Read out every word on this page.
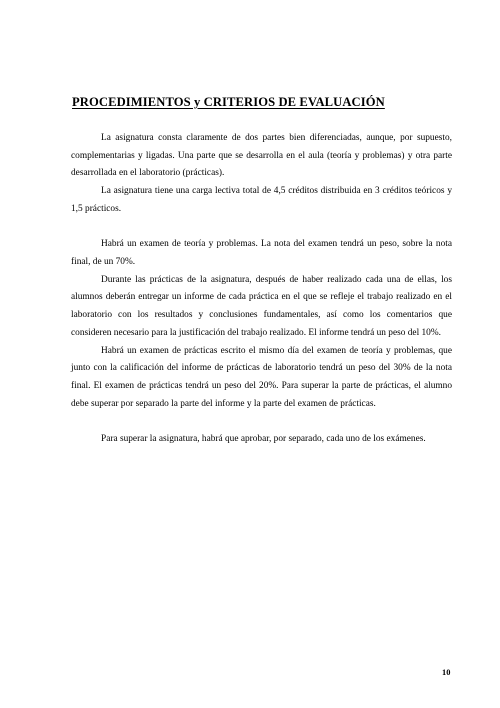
PROCEDIMIENTOS y CRITERIOS DE EVALUACIÓN

La asignatura consta claramente de dos partes bien diferenciadas, aunque, por supuesto, complementarias y ligadas. Una parte que se desarrolla en el aula (teoría y problemas) y otra parte desarrollada en el laboratorio (prácticas).

La asignatura tiene una carga lectiva total de 4,5 créditos distribuida en 3 créditos teóricos y 1,5 prácticos.

Habrá un examen de teoría y problemas. La nota del examen tendrá un peso, sobre la nota final, de un 70%.

Durante las prácticas de la asignatura, después de haber realizado cada una de ellas, los alumnos deberán entregar un informe de cada práctica en el que se refleje el trabajo realizado en el laboratorio con los resultados y conclusiones fundamentales, así como los comentarios que consideren necesario para la justificación del trabajo realizado. El informe tendrá un peso del 10%.

Habrá un examen de prácticas escrito el mismo día del examen de teoría y problemas, que junto con la calificación del informe de prácticas de laboratorio tendrá un peso del 30% de la nota final. El examen de prácticas tendrá un peso del 20%. Para superar la parte de prácticas, el alumno debe superar por separado la parte del informe y la parte del examen de prácticas.

Para superar la asignatura, habrá que aprobar, por separado, cada uno de los exámenes.

10
